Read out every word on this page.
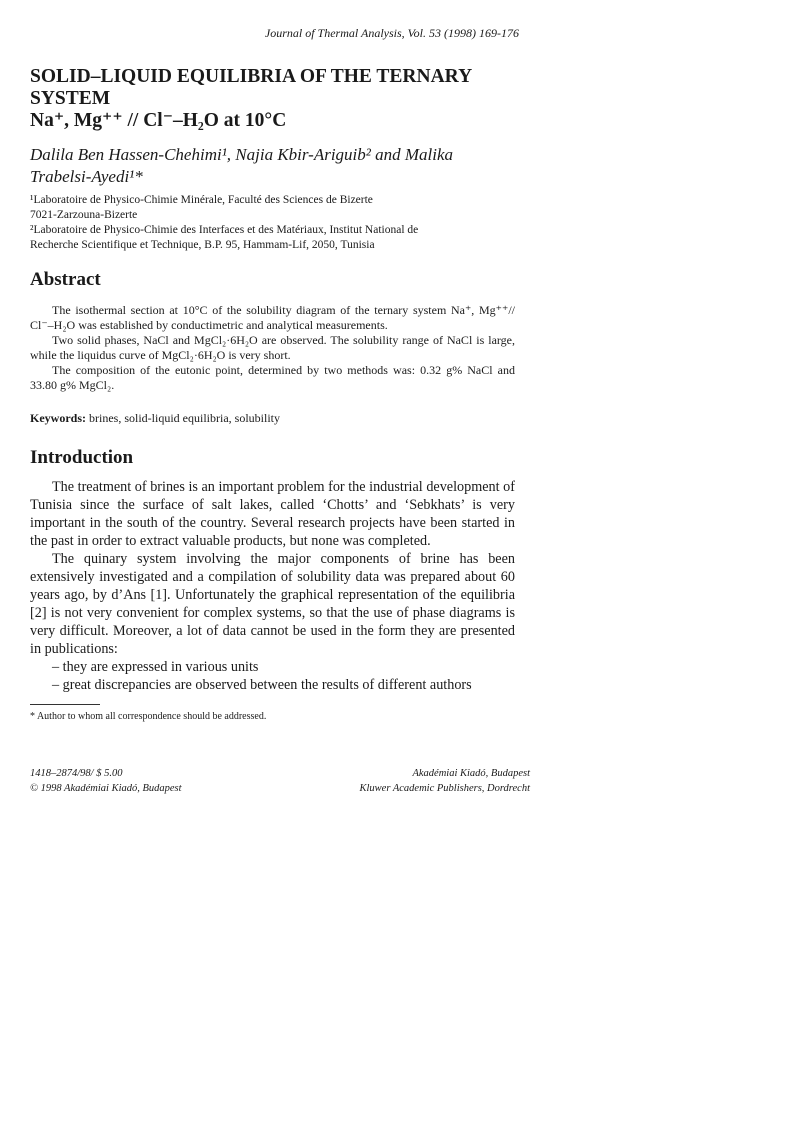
Journal of Thermal Analysis, Vol. 53 (1998) 169-176
SOLID–LIQUID EQUILIBRIA OF THE TERNARY SYSTEM
Na⁺, Mg⁺⁺ // Cl⁻–H₂O at 10°C
Dalila Ben Hassen-Chehimi¹, Najia Kbir-Ariguib² and Malika
Trabelsi-Ayedi¹*
¹Laboratoire de Physico-Chimie Minérale, Faculté des Sciences de Bizerte
7021-Zarzouna-Bizerte
²Laboratoire de Physico-Chimie des Interfaces et des Matériaux, Institut National de
Recherche Scientifique et Technique, B.P. 95, Hammam-Lif, 2050, Tunisia
Abstract

The isothermal section at 10°C of the solubility diagram of the ternary system Na⁺, Mg⁺⁺// Cl⁻–H₂O was established by conductimetric and analytical measurements.

Two solid phases, NaCl and MgCl₂·6H₂O are observed. The solubility range of NaCl is large, while the liquidus curve of MgCl₂·6H₂O is very short.

The composition of the eutonic point, determined by two methods was: 0.32 g% NaCl and 33.80 g% MgCl₂.

Keywords: brines, solid-liquid equilibria, solubility
Introduction

The treatment of brines is an important problem for the industrial development of Tunisia since the surface of salt lakes, called ‘Chotts’ and ‘Sebkhats’ is very important in the south of the country. Several research projects have been started in the past in order to extract valuable products, but none was completed.

The quinary system involving the major components of brine has been extensively investigated and a compilation of solubility data was prepared about 60 years ago, by d’Ans [1]. Unfortunately the graphical representation of the equilibria [2] is not very convenient for complex systems, so that the use of phase diagrams is very difficult. Moreover, a lot of data cannot be used in the form they are presented in publications:

– they are expressed in various units
– great discrepancies are observed between the results of different authors
* Author to whom all correspondence should be addressed.
1418–2874/98/ $ 5.00
© 1998 Akadémiai Kiadó, Budapest
Akadémiai Kiadó, Budapest
Kluwer Academic Publishers, Dordrecht
